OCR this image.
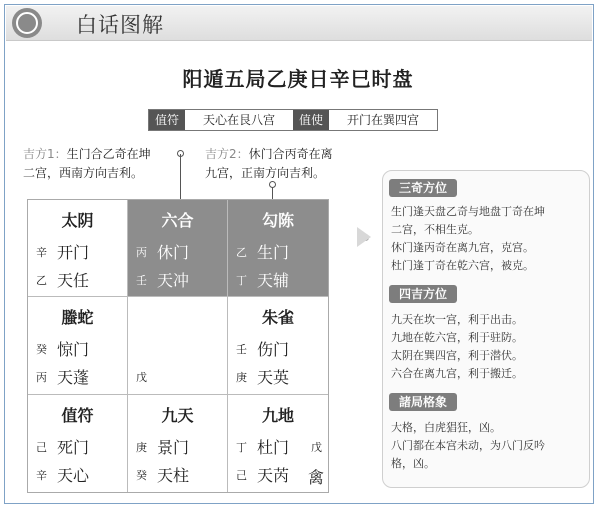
白话图解
阳遁五局乙庚日辛巳时盘
值符	天心在艮八宫	值使	开门在巽四宫
吉方1：生门合乙奇在坤
二宫，西南方向吉利。
吉方2：休门合丙奇在离
九宫，正南方向吉利。
太阴
辛 开门
乙 天任
六合
丙 休门
壬 天冲
勾陈
乙 生门
丁 天辅
螣蛇
癸 惊门
丙 天蓬	戊
朱雀
壬 伤门
庚 天英
值符
己 死门
辛 天心
九天
庚 景门
癸 天柱
九地
丁 杜门
己 天芮
戊
禽
三奇方位
生门逢天盘乙奇与地盘丁奇在坤
二宫，不相生克。
休门逢丙奇在离九宫，克宫。
杜门逢丁奇在乾六宫，被克。
四吉方位
九天在坎一宫，利于出击。
九地在乾六宫，利于驻防。
太阴在巽四宫，利于潜伏。
六合在离九宫，利于搬迁。
諸局格象
大格，白虎猖狂，凶。
八门都在本宫未动，为八门反吟
格，凶。
